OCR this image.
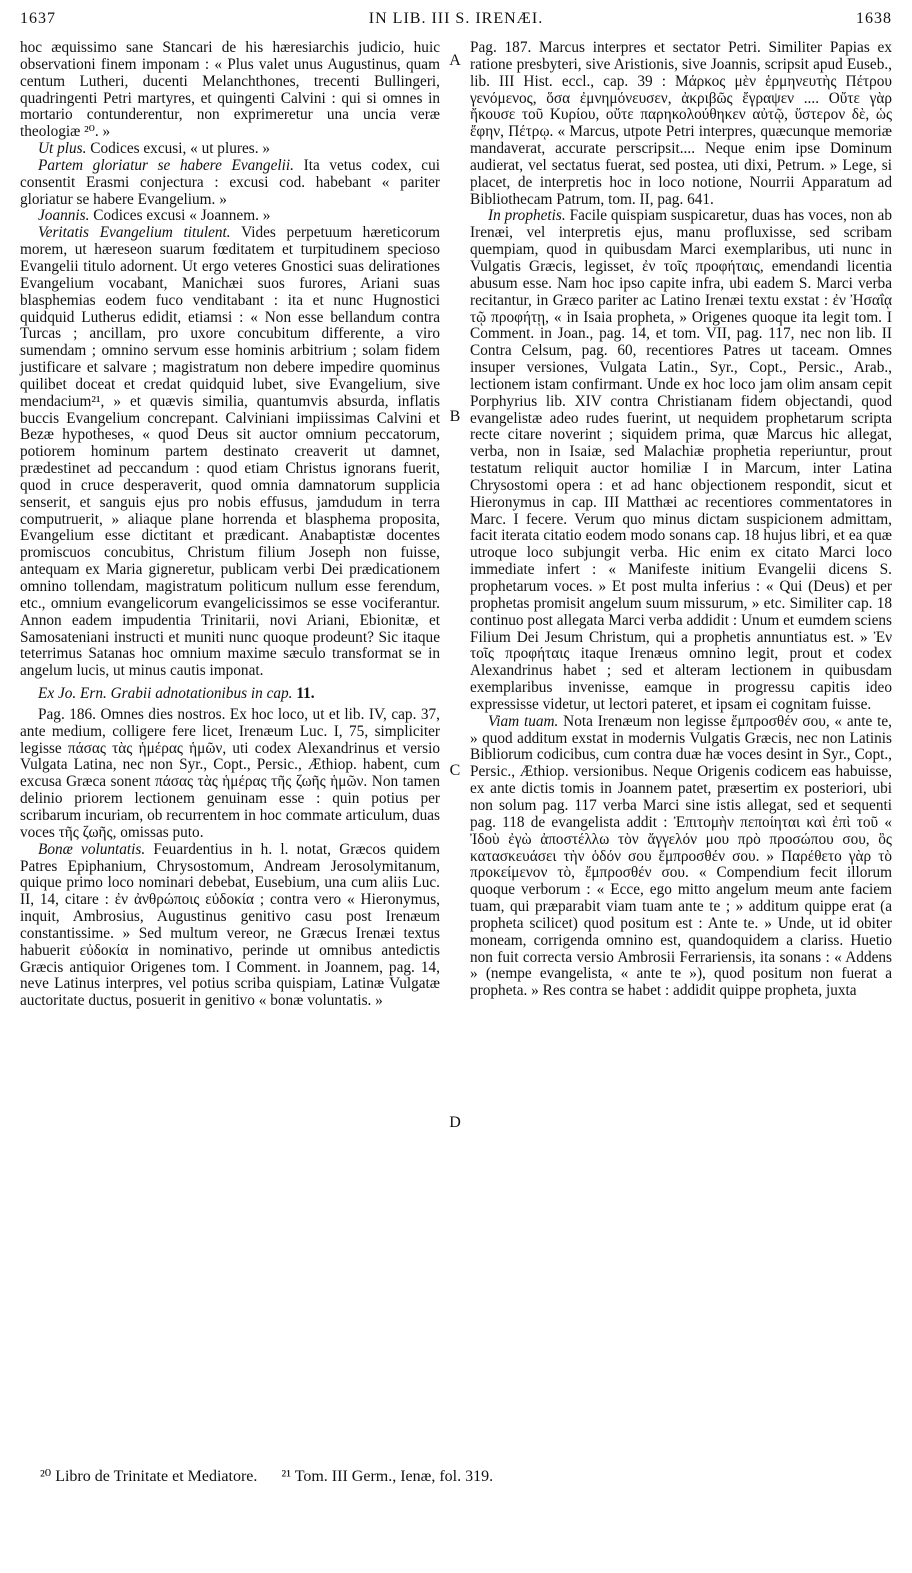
1637	IN LIB. III S. IRENÆI.	1638

hoc æquissimo sane Stancari de his hæresiarchis judicio, huic observationi finem imponam : « Plus valet unus Augustinus, quam centum Lutheri, ducenti Melanchthones, trecenti Bullingeri, quadringenti Petri martyres, et quingenti Calvini : qui si omnes in mortario contunderentur, non exprimeretur una uncia veræ theologiæ ²⁰. »

Ut plus. Codices excusi, « ut plures. »

Partem gloriatur se habere Evangelii. Ita vetus codex, cui consentit Erasmi conjectura : excusi cod. habebant « pariter gloriatur se habere Evangelium. »

Joannis. Codices excusi « Joannem. »

Veritatis Evangelium titulent. Vides perpetuum hæreticorum morem, ut hæreseon suarum fœditatem et turpitudinem specioso Evangelii titulo adornent. Ut ergo veteres Gnostici suas delirationes Evangelium vocabant, Manichæi suos furores, Ariani suas blasphemias eodem fuco venditabant : ita et nunc Hugnostici quidquid Lutherus edidit, etiamsi : « Non esse bellandum contra Turcas ; ancillam, pro uxore concubitum differente, a viro sumendam ; omnino servum esse hominis arbitrium ; solam fidem justificare et salvare ; magistratum non debere impedire quominus quilibet doceat et credat quidquid lubet, sive Evangelium, sive mendacium²¹, » et quævis similia, quantumvis absurda, inflatis buccis Evangelium concrepant. Calviniani impiissimas Calvini et Bezæ hypotheses, « quod Deus sit auctor omnium peccatorum, potiorem hominum partem destinato creaverit ut damnet, prædestinet ad peccandum : quod etiam Christus ignorans fuerit, quod in cruce desperaverit, quod omnia damnatorum supplicia senserit, et sanguis ejus pro nobis effusus, jamdudum in terra computruerit, » aliaque plane horrenda et blasphema proposita, Evangelium esse dictitant et prædicant. Anabaptistæ docentes promiscuos concubitus, Christum filium Joseph non fuisse, antequam ex Maria gigneretur, publicam verbi Dei prædicationem omnino tollendam, magistratum politicum nullum esse ferendum, etc., omnium evangelicorum evangelicissimos se esse vociferantur. Annon eadem impudentia Trinitarii, novi Ariani, Ebionitæ, et Samosateniani instructi et muniti nunc quoque prodeunt? Sic itaque teterrimus Satanas hoc omnium maxime sæculo transformat se in angelum lucis, ut minus cautis imponat.

Ex Jo. Ern. Grabii adnotationibus in cap. 11.

Pag. 186. Omnes dies nostros. Ex hoc loco, ut et lib. IV, cap. 37, ante medium, colligere fere licet, Irenæum Luc. I, 75, simpliciter legisse πάσας τὰς ἡμέρας ἡμῶν, uti codex Alexandrinus et versio Vulgata Latina, nec non Syr., Copt., Persic., Æthiop. habent, cum excusa Græca sonent πάσας τὰς ἡμέρας τῆς ζωῆς ἡμῶν. Non tamen delinio priorem lectionem genuinam esse : quin potius per scribarum incuriam, ob recurrentem in hoc commate articulum, duas voces τῆς ζωῆς, omissas puto.

Bonæ voluntatis. Feuardentius in h. l. notat, Græcos quidem Patres Epiphanium, Chrysostomum, Andream Jerosolymitanum, quique primo loco nominari debebat, Eusebium, una cum aliis Luc. II, 14, citare : ἐν ἀνθρώποις εὐδοκία ; contra vero « Hieronymus, inquit, Ambrosius, Augustinus genitivo casu post Irenæum constantissime. » Sed multum vereor, ne Græcus Irenæi textus habuerit εὐδοκία in nominativo, perinde ut omnibus antedictis Græcis antiquior Origenes tom. I Comment. in Joannem, pag. 14, neve Latinus interpres, vel potius scriba quispiam, Latinæ Vulgatæ auctoritate ductus, posuerit in genitivo « bonæ voluntatis. »

A
B
C
D

Pag. 187. Marcus interpres et sectator Petri. Similiter Papias ex ratione presbyteri, sive Aristionis, sive Joannis, scripsit apud Euseb., lib. III Hist. eccl., cap. 39 : Μάρκος μὲν ἑρμηνευτὴς Πέτρου γενόμενος, ὅσα ἐμνημόνευσεν, ἀκριβῶς ἔγραψεν .... Οὔτε γὰρ ἤκουσε τοῦ Κυρίου, οὔτε παρηκολούθηκεν αὐτῷ, ὕστερον δὲ, ὡς ἔφην, Πέτρῳ. « Marcus, utpote Petri interpres, quæcunque memoriæ mandaverat, accurate perscripsit.... Neque enim ipse Dominum audierat, vel sectatus fuerat, sed postea, uti dixi, Petrum. » Lege, si placet, de interpretis hoc in loco notione, Nourrii Apparatum ad Bibliothecam Patrum, tom. II, pag. 641.

In prophetis. Facile quispiam suspicaretur, duas has voces, non ab Irenæi, vel interpretis ejus, manu profluxisse, sed scribam quempiam, quod in quibusdam Marci exemplaribus, uti nunc in Vulgatis Græcis, legisset, ἐν τοῖς προφήταις, emendandi licentia abusum esse. Nam hoc ipso capite infra, ubi eadem S. Marci verba recitantur, in Græco pariter ac Latino Irenæi textu exstat : ἐν Ἠσαΐᾳ τῷ προφήτῃ, « in Isaia propheta, » Origenes quoque ita legit tom. I Comment. in Joan., pag. 14, et tom. VII, pag. 117, nec non lib. II Contra Celsum, pag. 60, recentiores Patres ut taceam. Omnes insuper versiones, Vulgata Latin., Syr., Copt., Persic., Arab., lectionem istam confirmant. Unde ex hoc loco jam olim ansam cepit Porphyrius lib. XIV contra Christianam fidem objectandi, quod evangelistæ adeo rudes fuerint, ut nequidem prophetarum scripta recte citare noverint ; siquidem prima, quæ Marcus hic allegat, verba, non in Isaiæ, sed Malachiæ prophetia reperiuntur, prout testatum reliquit auctor homiliæ I in Marcum, inter Latina Chrysostomi opera : et ad hanc objectionem respondit, sicut et Hieronymus in cap. III Matthæi ac recentiores commentatores in Marc. I fecere. Verum quo minus dictam suspicionem admittam, facit iterata citatio eodem modo sonans cap. 18 hujus libri, et ea quæ utroque loco subjungit verba. Hic enim ex citato Marci loco immediate infert : « Manifeste initium Evangelii dicens S. prophetarum voces. » Et post multa inferius : « Qui (Deus) et per prophetas promisit angelum suum missurum, » etc. Similiter cap. 18 continuo post allegata Marci verba addidit : Unum et eumdem sciens Filium Dei Jesum Christum, qui a prophetis annuntiatus est. » Ἐν τοῖς προφήταις itaque Irenæus omnino legit, prout et codex Alexandrinus habet ; sed et alteram lectionem in quibusdam exemplaribus invenisse, eamque in progressu capitis ideo expressisse videtur, ut lectori pateret, et ipsam ei cognitam fuisse.

Viam tuam. Nota Irenæum non legisse ἔμπροσθέν σου, « ante te, » quod additum exstat in modernis Vulgatis Græcis, nec non Latinis Bibliorum codicibus, cum contra duæ hæ voces desint in Syr., Copt., Persic., Æthiop. versionibus. Neque Origenis codicem eas habuisse, ex ante dictis tomis in Joannem patet, præsertim ex posteriori, ubi non solum pag. 117 verba Marci sine istis allegat, sed et sequenti pag. 118 de evangelista addit : Ἐπιτομὴν πεποίηται καὶ ἐπὶ τοῦ « Ἰδοὺ ἐγὼ ἀποστέλλω τὸν ἄγγελόν μου πρὸ προσώπου σου, ὃς κατασκευάσει τὴν ὁδόν σου ἔμπροσθέν σου. » Παρέθετο γὰρ τὸ προκείμενον τὸ, ἔμπροσθέν σου. « Compendium fecit illorum quoque verborum : « Ecce, ego mitto angelum meum ante faciem tuam, qui præparabit viam tuam ante te ; » additum quippe erat (a propheta scilicet) quod positum est : Ante te. » Unde, ut id obiter moneam, corrigenda omnino est, quandoquidem a clariss. Huetio non fuit correcta versio Ambrosii Ferrariensis, ita sonans : « Addens » (nempe evangelista, « ante te »), quod positum non fuerat a propheta. » Res contra se habet : addidit quippe propheta, juxta

²⁰ Libro de Trinitate et Mediatore. ²¹ Tom. III Germ., Ienæ, fol. 319.
